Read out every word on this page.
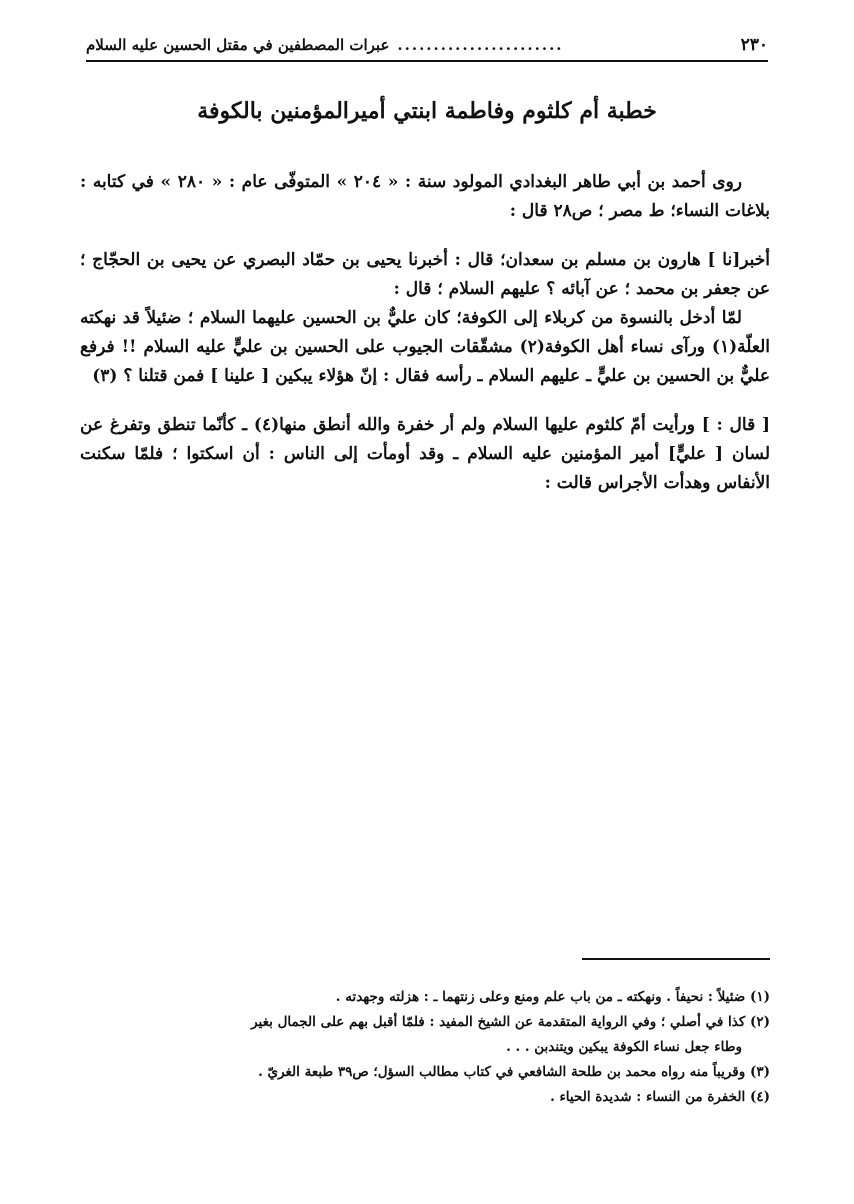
٢٣٠
.......................
عبرات المصطفين في مقتل الحسين عليه السلام
خطبة أم كلثوم وفاطمة ابنتي أميرالمؤمنين بالكوفة

روى أحمد بن أبي طاهر البغدادي المولود سنة : « ٢٠٤ » المتوفّى عام : « ٢٨٠ » في كتابه : بلاغات النساء؛ ط مصر ؛ ص٢٨ قال :

أخبر[نا ] هارون بن مسلم بن سعدان؛ قال : أخبرنا يحيى بن حمّاد البصري عن يحيى بن الحجّاج ؛ عن جعفر بن محمد ؛ عن آبائه ؟ عليهم السلام ؛ قال :

لمّا أدخل بالنسوة من كربلاء إلى الكوفة؛ كان عليٌّ بن الحسين عليهما السلام ؛ ضئيلاً قد نهكته العلّة(١) ورآى نساء أهل الكوفة(٢) مشقّقات الجيوب على الحسين بن عليٍّ عليه السلام !! فرفع عليٌّ بن الحسين بن عليٍّ ـ عليهم السلام ـ رأسه فقال : إنّ هؤلاء يبكين [ علينا ] فمن قتلنا ؟ (٣)

[ قال : ] ورأيت أمّ كلثوم عليها السلام ولم أر خفرة والله أنطق منها(٤) ـ كأنّما تنطق وتفرغ عن لسان [ عليٍّ] أمير المؤمنين عليه السلام ـ وقد أومأت إلى الناس : أن اسكتوا ؛ فلمّا سكنت الأنفاس وهدأت الأجراس قالت :

(١) ضئيلاً : نحيفاً . ونهكته ـ من باب علم ومنع وعلى زنتهما ـ : هزلته وجهدته .
(٢) كذا في أصلي ؛ وفي الرواية المتقدمة عن الشيخ المفيد : فلمّا أقبل بهم على الجمال بغير
وطاء جعل نساء الكوفة يبكين ويتندبن . . .
(٣) وقريباً منه رواه محمد بن طلحة الشافعي في كتاب مطالب السؤل؛ ص٣٩ طبعة الغريّ .
(٤) الخفرة من النساء : شديدة الحياء .
